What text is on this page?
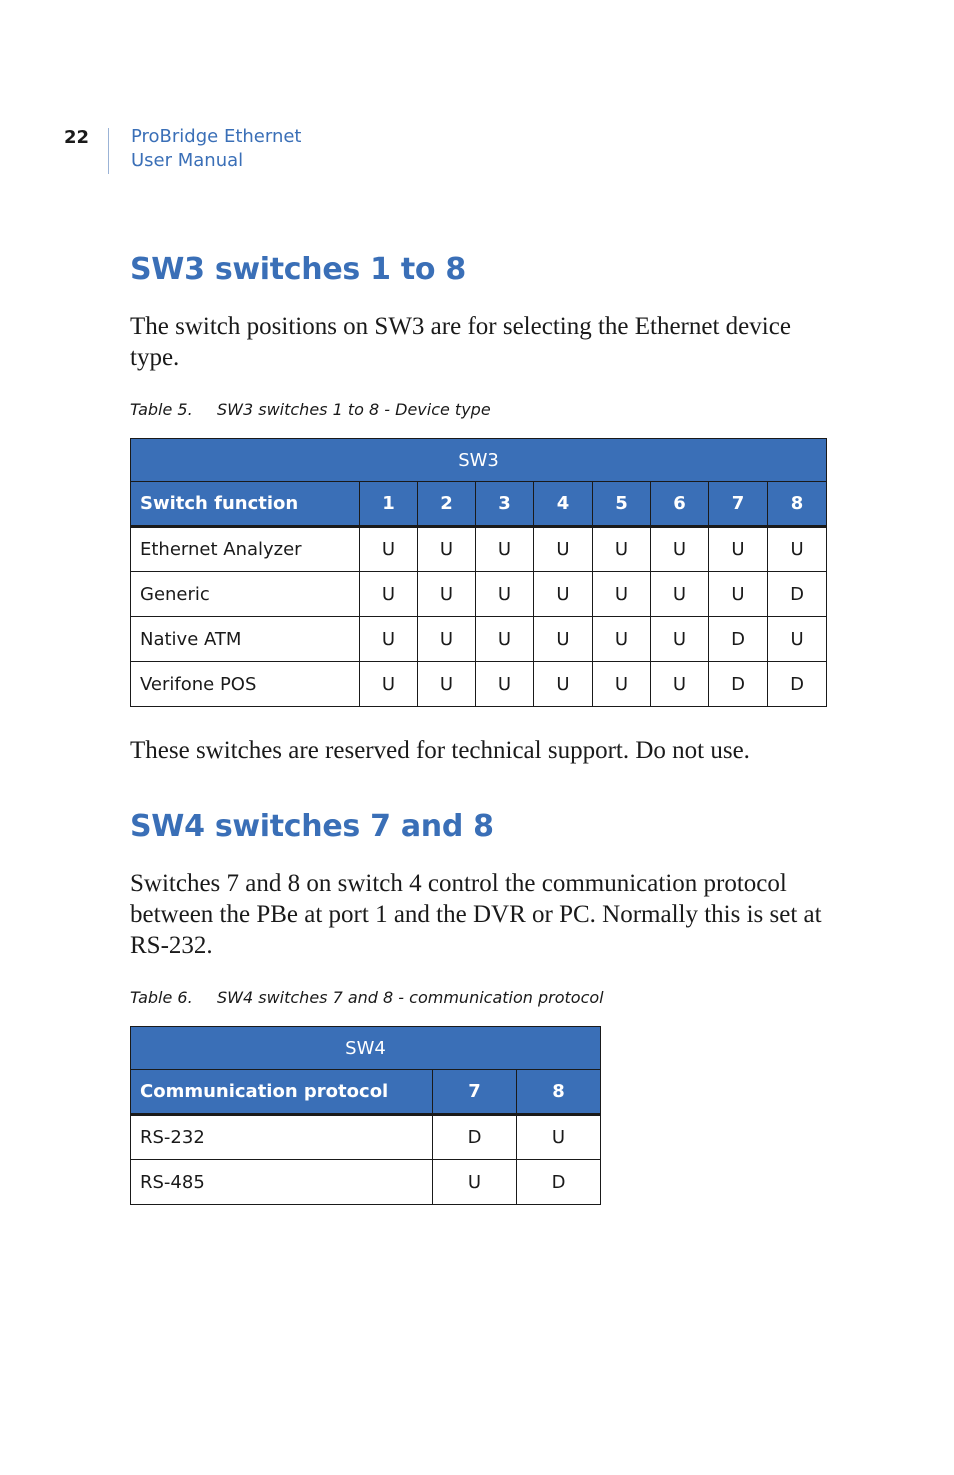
22 ProBridge Ethernet
User Manual
SW3 switches 1 to 8

The switch positions on SW3 are for selecting the Ethernet device type.

Table 5. SW3 switches 1 to 8 - Device type
SW3								
Switch function	1	2	3	4	5	6	7	8
Ethernet Analyzer	U	U	U	U	U	U	U	U
Generic	U	U	U	U	U	U	U	D
Native ATM	U	U	U	U	U	U	D	U
Verifone POS	U	U	U	U	U	U	D	D

These switches are reserved for technical support. Do not use.

SW4 switches 7 and 8

Switches 7 and 8 on switch 4 control the communication protocol between the PBe at port 1 and the DVR or PC. Normally this is set at RS-232.

Table 6. SW4 switches 7 and 8 - communication protocol
SW4		
Communication protocol	7	8
RS-232	D	U
RS-485	U	D
